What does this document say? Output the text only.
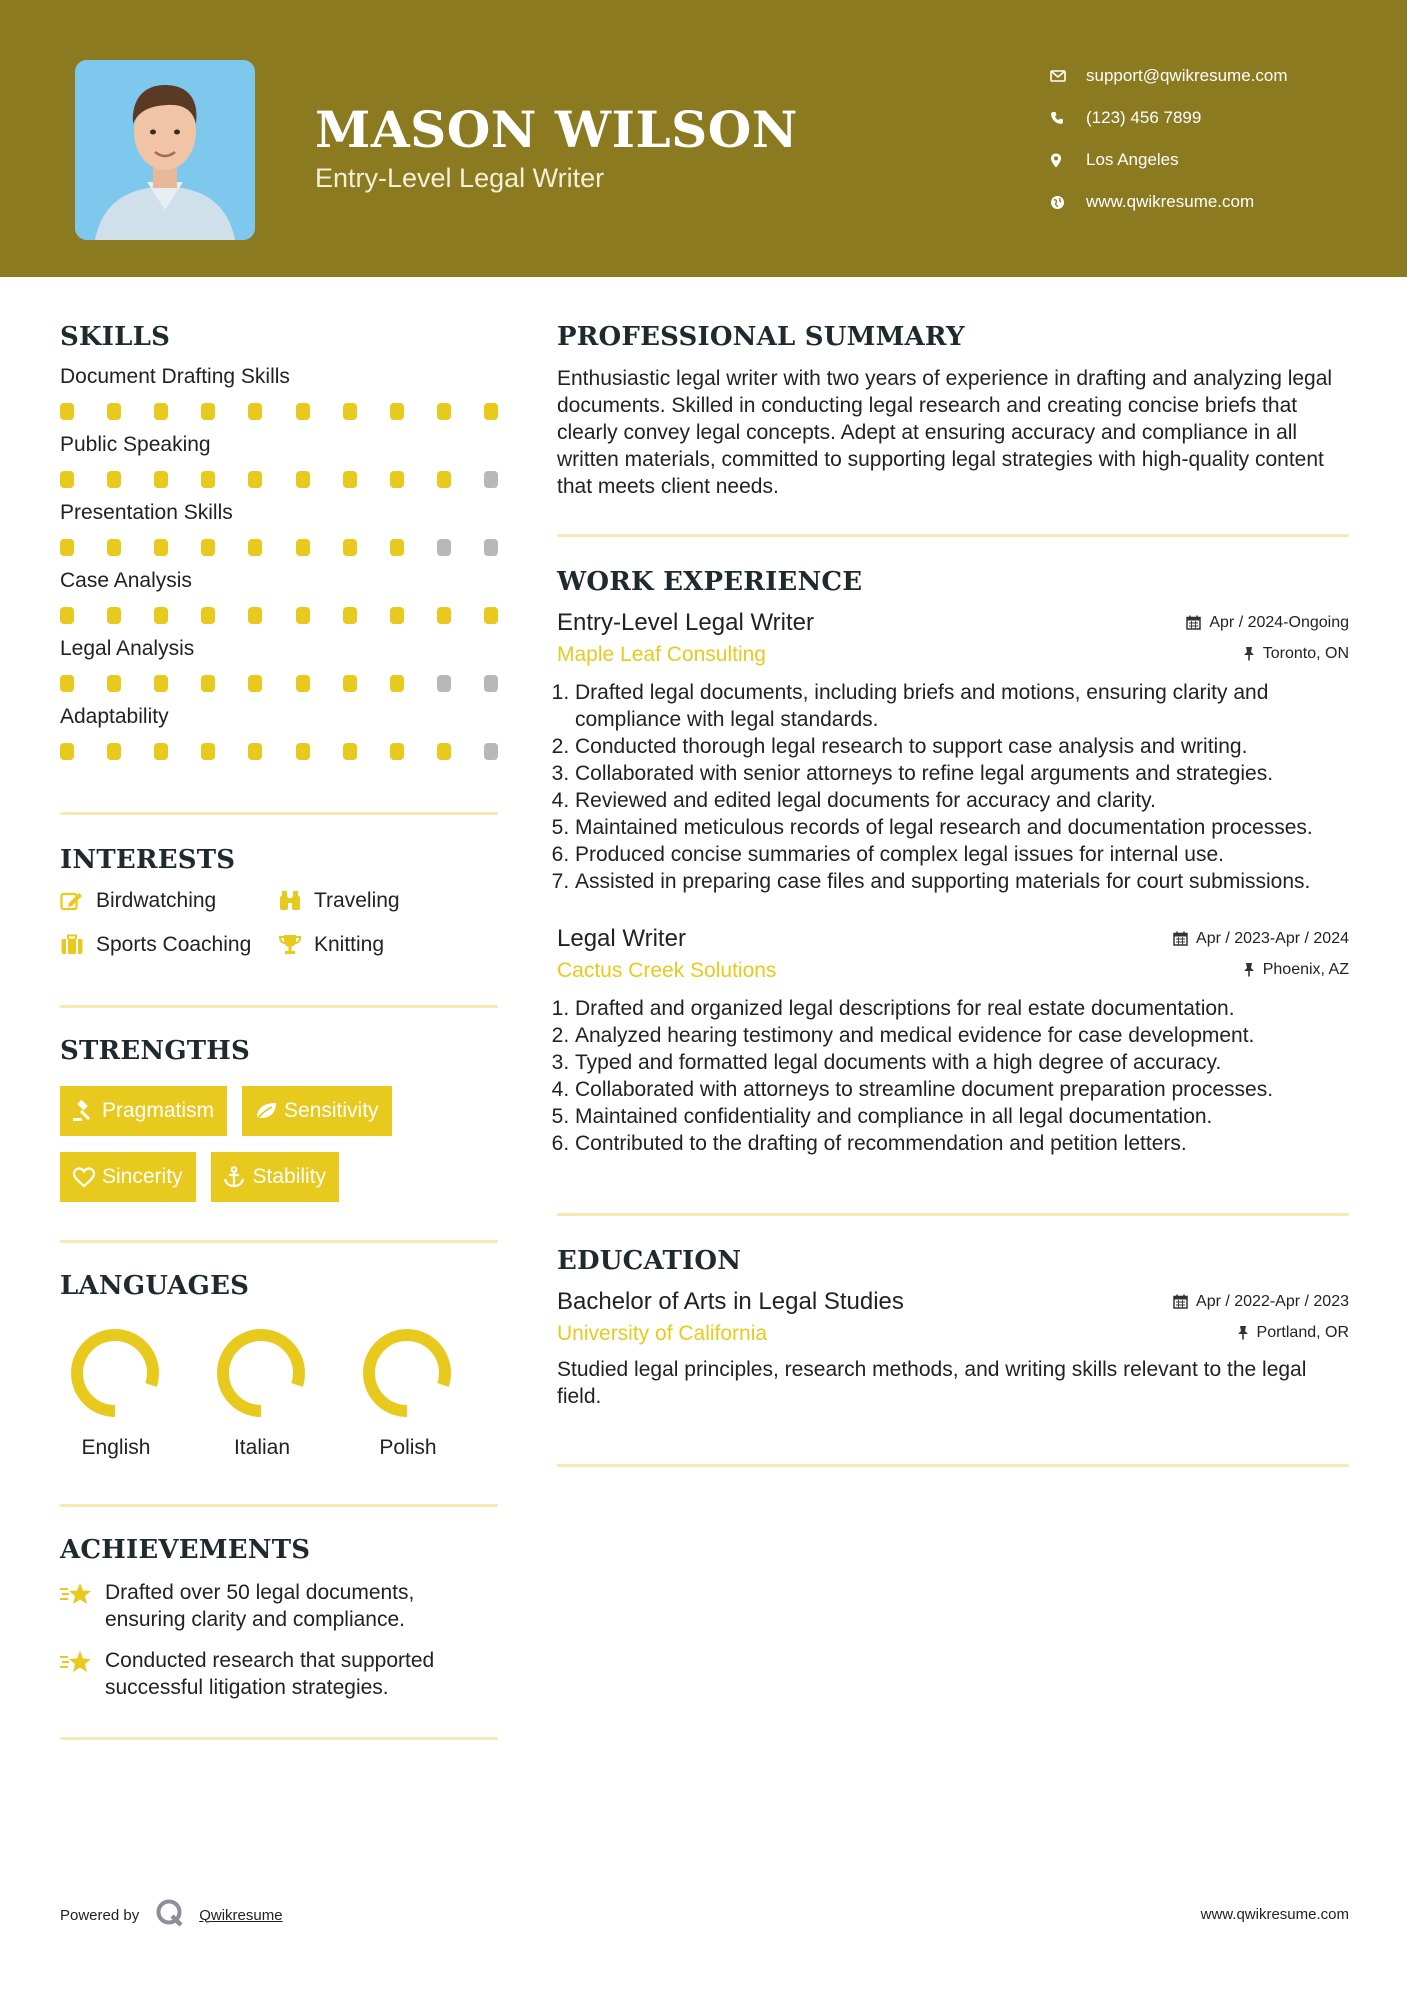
MASON WILSON
Entry-Level Legal Writer
support@qwikresume.com
(123) 456 7899
Los Angeles
www.qwikresume.com
SKILLS
Document Drafting Skills
Public Speaking
Presentation Skills
Case Analysis
Legal Analysis
Adaptability
INTERESTS
Birdwatching	Traveling
Sports Coaching	Knitting
STRENGTHS
Pragmatism	Sensitivity
Sincerity	Stability
LANGUAGES
English	Italian	Polish
ACHIEVEMENTS
Drafted over 50 legal documents, ensuring clarity and compliance.
Conducted research that supported successful litigation strategies.
PROFESSIONAL SUMMARY
Enthusiastic legal writer with two years of experience in drafting and analyzing legal documents. Skilled in conducting legal research and creating concise briefs that clearly convey legal concepts. Adept at ensuring accuracy and compliance in all written materials, committed to supporting legal strategies with high-quality content that meets client needs.
WORK EXPERIENCE
Entry-Level Legal Writer	Apr / 2024-Ongoing
Maple Leaf Consulting	Toronto, ON
1. Drafted legal documents, including briefs and motions, ensuring clarity and compliance with legal standards.
2. Conducted thorough legal research to support case analysis and writing.
3. Collaborated with senior attorneys to refine legal arguments and strategies.
4. Reviewed and edited legal documents for accuracy and clarity.
5. Maintained meticulous records of legal research and documentation processes.
6. Produced concise summaries of complex legal issues for internal use.
7. Assisted in preparing case files and supporting materials for court submissions.
Legal Writer	Apr / 2023-Apr / 2024
Cactus Creek Solutions	Phoenix, AZ
1. Drafted and organized legal descriptions for real estate documentation.
2. Analyzed hearing testimony and medical evidence for case development.
3. Typed and formatted legal documents with a high degree of accuracy.
4. Collaborated with attorneys to streamline document preparation processes.
5. Maintained confidentiality and compliance in all legal documentation.
6. Contributed to the drafting of recommendation and petition letters.
EDUCATION
Bachelor of Arts in Legal Studies	Apr / 2022-Apr / 2023
University of California	Portland, OR
Studied legal principles, research methods, and writing skills relevant to the legal field.
Powered by	Qwikresume	www.qwikresume.com
